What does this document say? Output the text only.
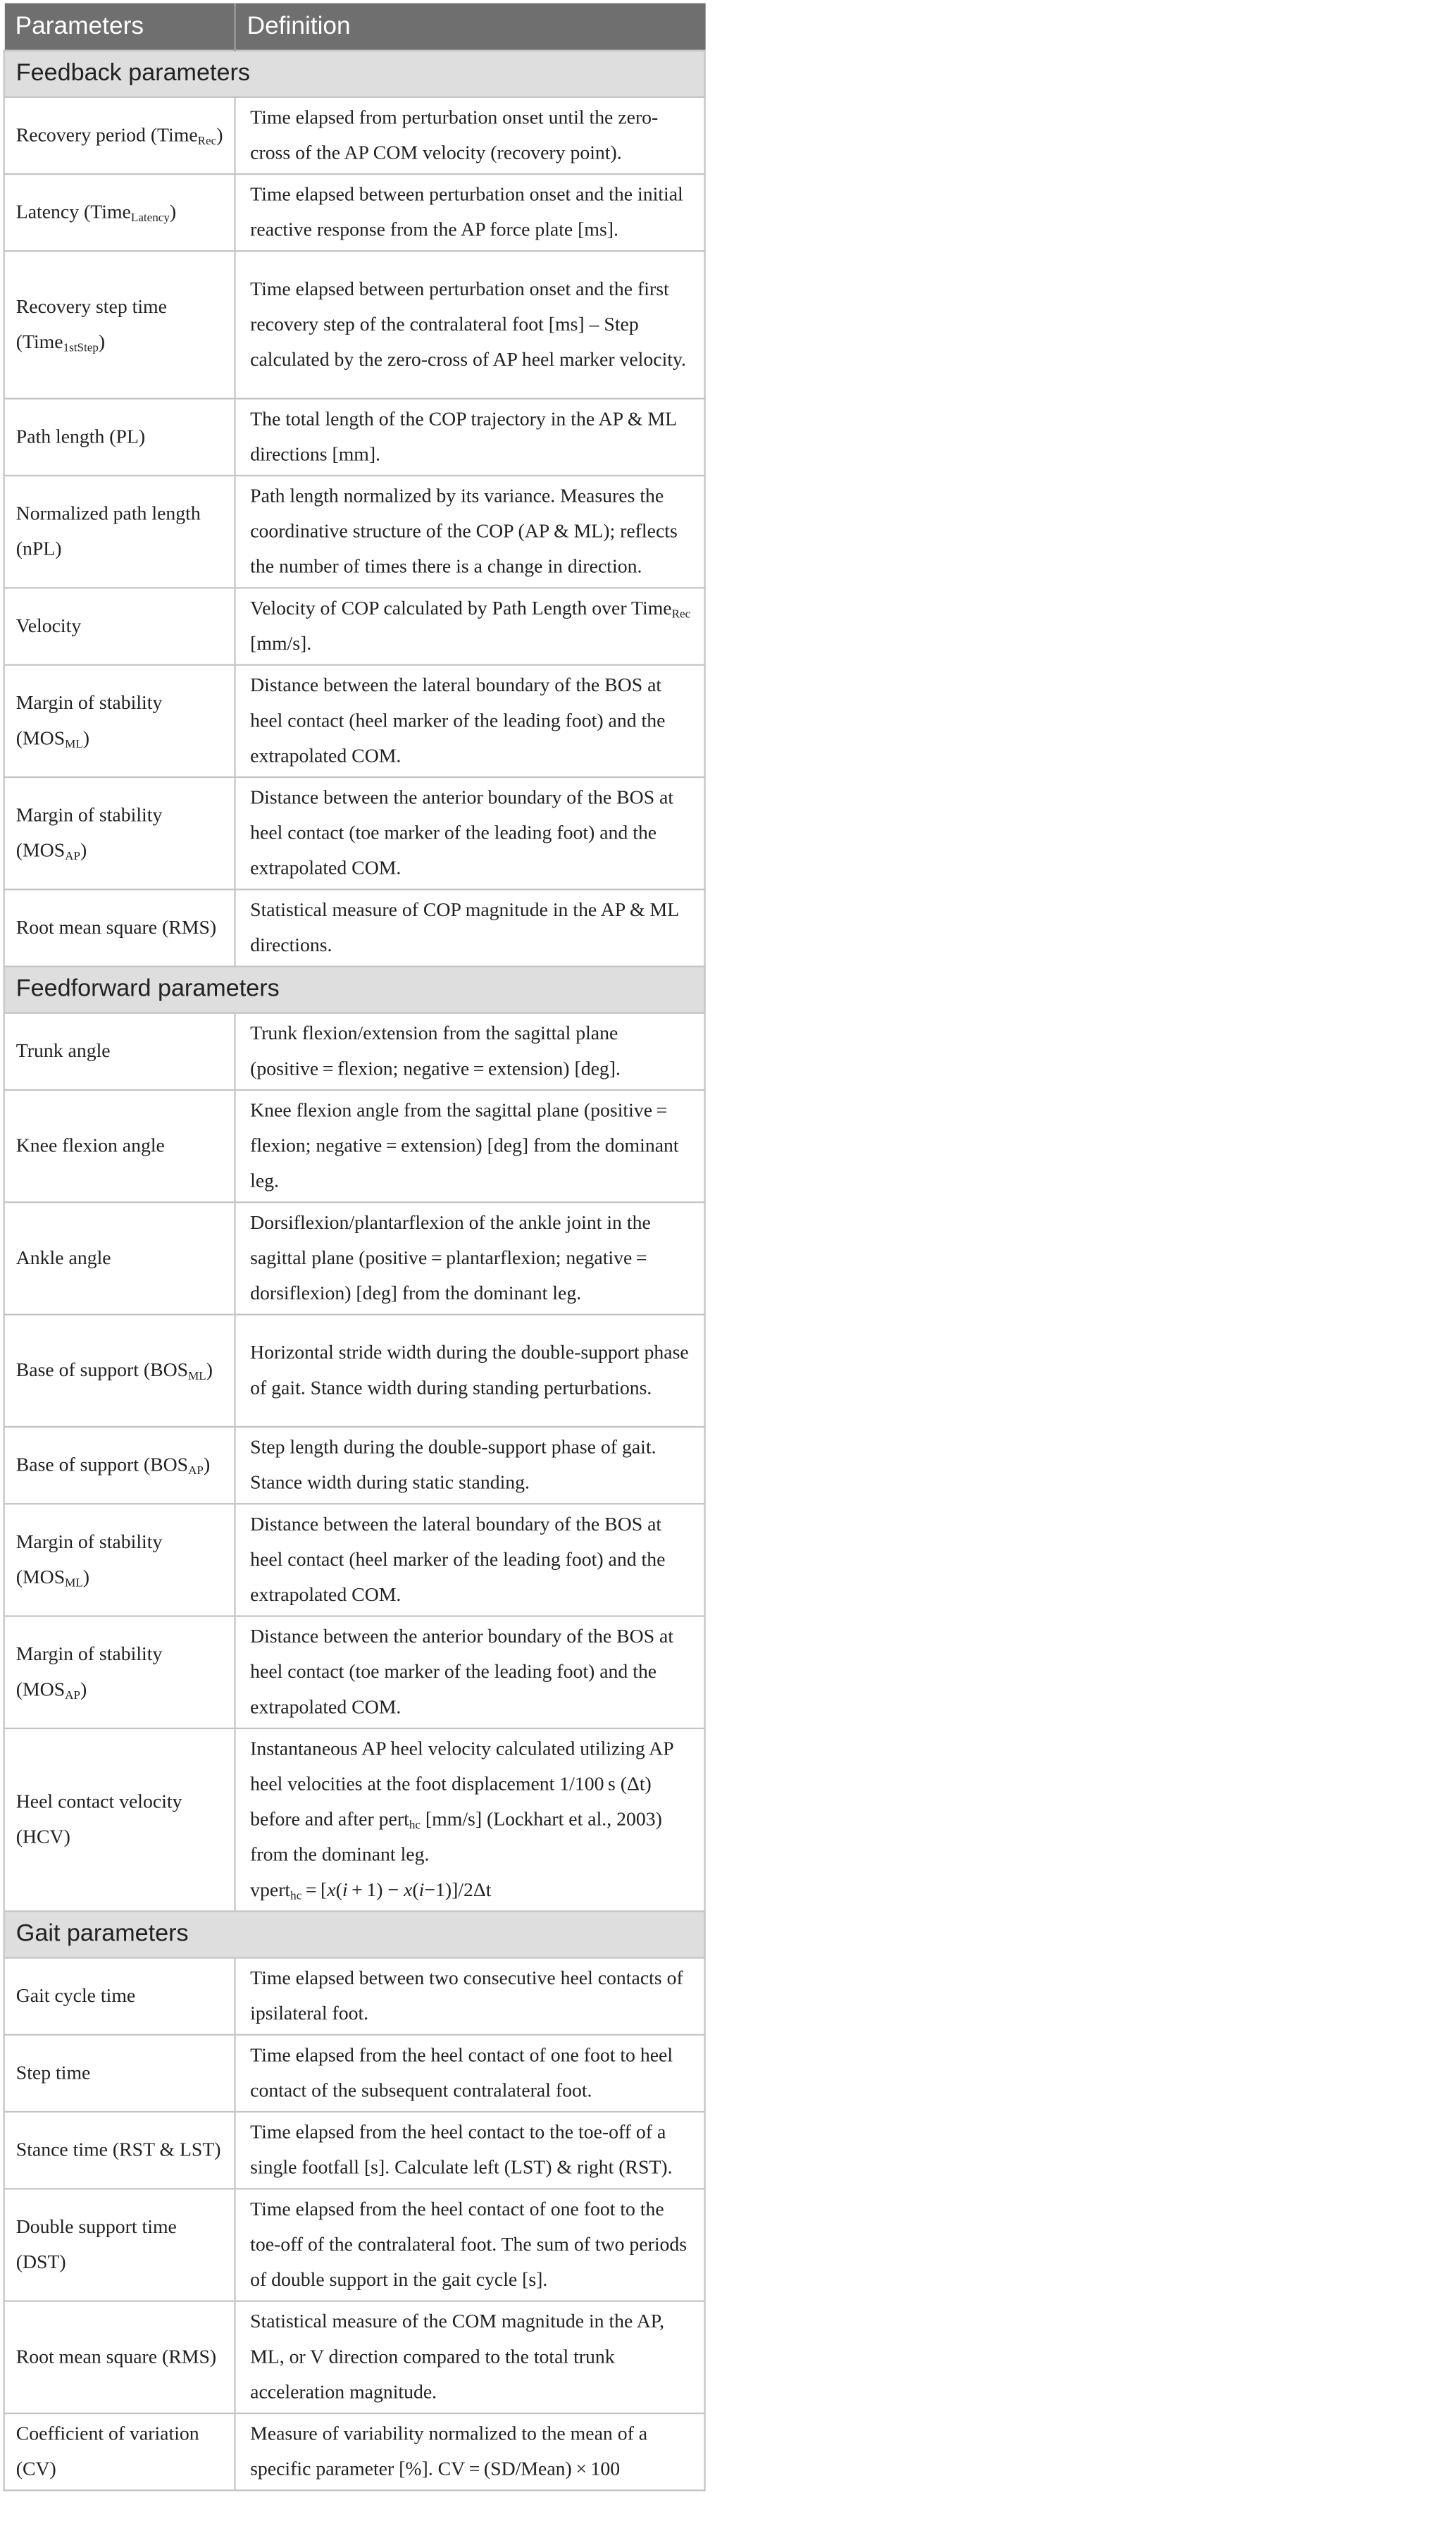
Parameters	Definition
Feedback parameters	
Recovery period (Time$_{Rec}$)	Time elapsed from perturbation onset until the zero-cross of the AP COM velocity (recovery point).
Latency (Time$_{Latency}$)	Time elapsed between perturbation onset and the initial reactive response from the AP force plate [ms].
Recovery step time (Time$_{1stStep}$)	Time elapsed between perturbation onset and the first recovery step of the contralateral foot [ms] – Step calculated by the zero-cross of AP heel marker velocity.
Path length (PL)	The total length of the COP trajectory in the AP & ML directions [mm].
Normalized path length (nPL)	Path length normalized by its variance. Measures the coordinative structure of the COP (AP & ML); reflects the number of times there is a change in direction.
Velocity	Velocity of COP calculated by Path Length over Time$_{Rec}$ [mm/s].
Margin of stability $(MOS_{ML})$	Distance between the lateral boundary of the BOS at heel contact (heel marker of the leading foot) and the extrapolated COM.
Margin of stability $(MOS_{AP})$	Distance between the anterior boundary of the BOS at heel contact (toe marker of the leading foot) and the extrapolated COM.
Root mean square (RMS)	Statistical measure of COP magnitude in the AP & ML directions.
Feedforward parameters	
Trunk angle	Trunk flexion/extension from the sagittal plane (positive = flexion; negative = extension) [deg].
Knee flexion angle	Knee flexion angle from the sagittal plane (positive = flexion; negative = extension) [deg] from the dominant leg.
Ankle angle	Dorsiflexion/plantarflexion of the ankle joint in the sagittal plane (positive = plantarflexion; negative = dorsiflexion) [deg] from the dominant leg.
Base of support $(BOS_{ML})$	Horizontal stride width during the double-support phase of gait. Stance width during standing perturbations.
Base of support $(BOS_{AP})$	Step length during the double-support phase of gait. Stance width during static standing.
Margin of stability $(MOS_{ML})$	Distance between the lateral boundary of the BOS at heel contact (heel marker of the leading foot) and the extrapolated COM.
Margin of stability $(MOS_{AP})$	Distance between the anterior boundary of the BOS at heel contact (toe marker of the leading foot) and the extrapolated COM.
Heel contact velocity (HCV)	Instantaneous AP heel velocity calculated utilizing AP heel velocities at the foot displacement 1/100 s (Δt) before and after pert$_{hc}$ [mm/s] (Lockhart et al., 2003) from the dominant leg.
vpert$_{hc}$ = [x(i + 1) − x(i−1)]/2Δt
Gait parameters	
Gait cycle time	Time elapsed between two consecutive heel contacts of ipsilateral foot.
Step time	Time elapsed from the heel contact of one foot to heel contact of the subsequent contralateral foot.
Stance time (RST & LST)	Time elapsed from the heel contact to the toe-off of a single footfall [s]. Calculate left (LST) & right (RST).
Double support time (DST)	Time elapsed from the heel contact of one foot to the toe-off of the contralateral foot. The sum of two periods of double support in the gait cycle [s].
Root mean square (RMS)	Statistical measure of the COM magnitude in the AP, ML, or V direction compared to the total trunk acceleration magnitude.
Coefficient of variation (CV)	Measure of variability normalized to the mean of a specific parameter [%]. CV = (SD/Mean) × 100
